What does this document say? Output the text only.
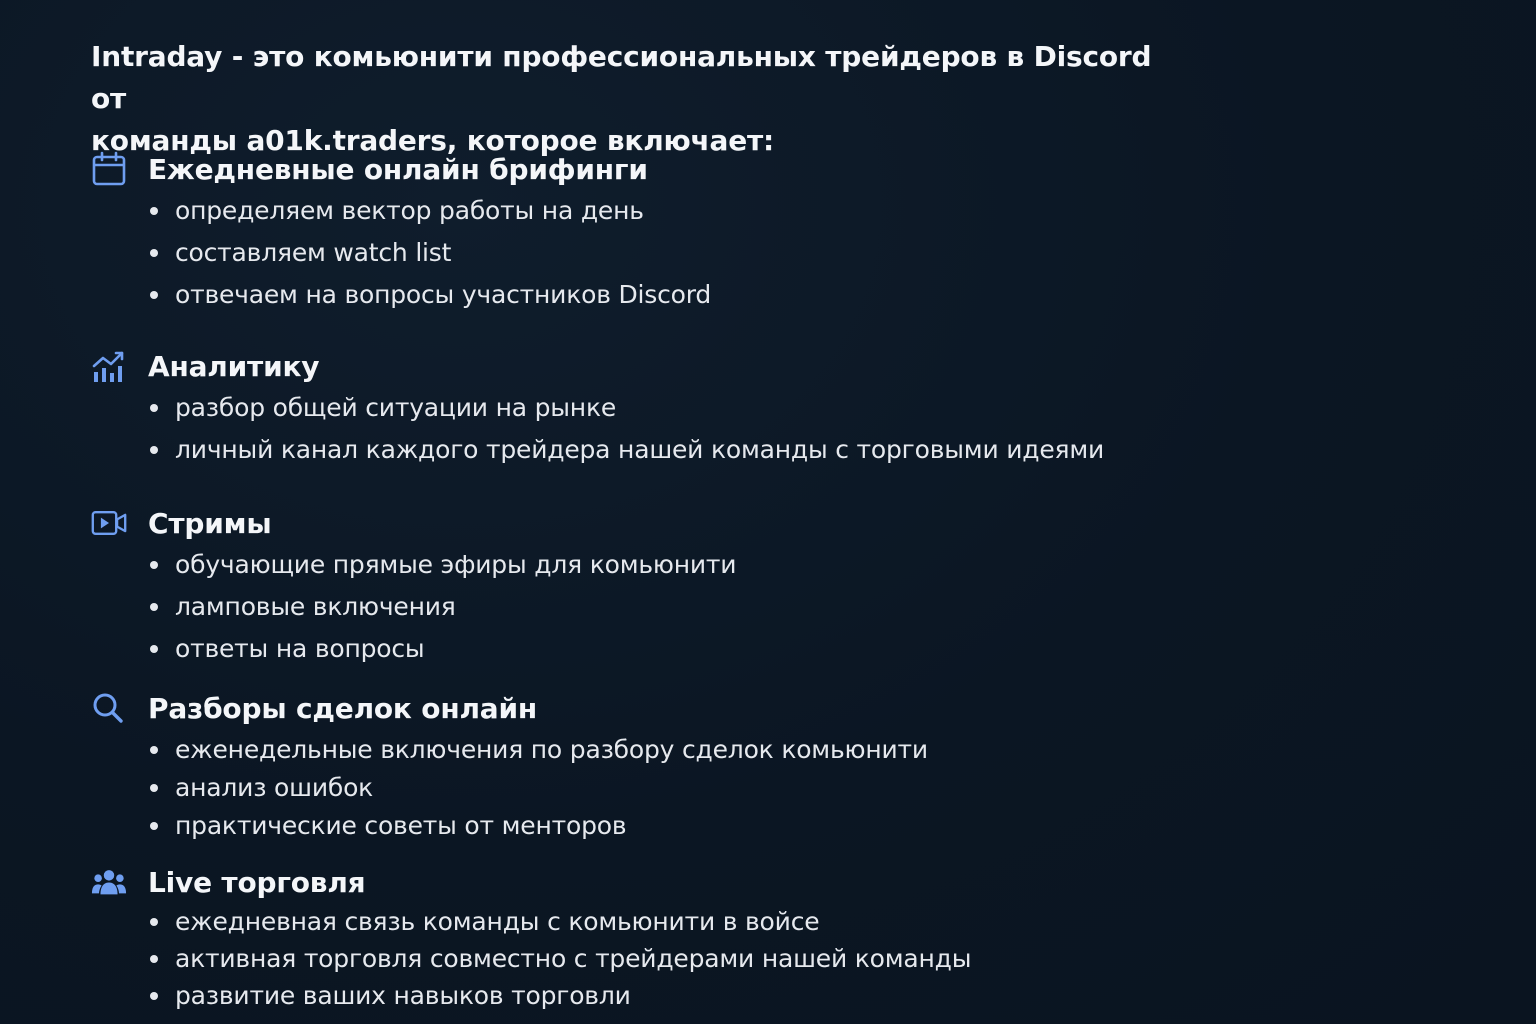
Intraday - это комьюнити профессиональных трейдеров в Discord от
команды a01k.traders, которое включает:

Ежедневные онлайн брифинги
определяем вектор работы на день
составляем watch list
отвечаем на вопросы участников Discord
Аналитику
разбор общей ситуации на рынке
личный канал каждого трейдера нашей команды с торговыми идеями
Стримы
обучающие прямые эфиры для комьюнити
ламповые включения
ответы на вопросы
Разборы сделок онлайн
еженедельные включения по разбору сделок комьюнити
анализ ошибок
практические советы от менторов
Live торговля
ежедневная связь команды с комьюнити в войсе
активная торговля совместно с трейдерами нашей команды
развитие ваших навыков торговли
